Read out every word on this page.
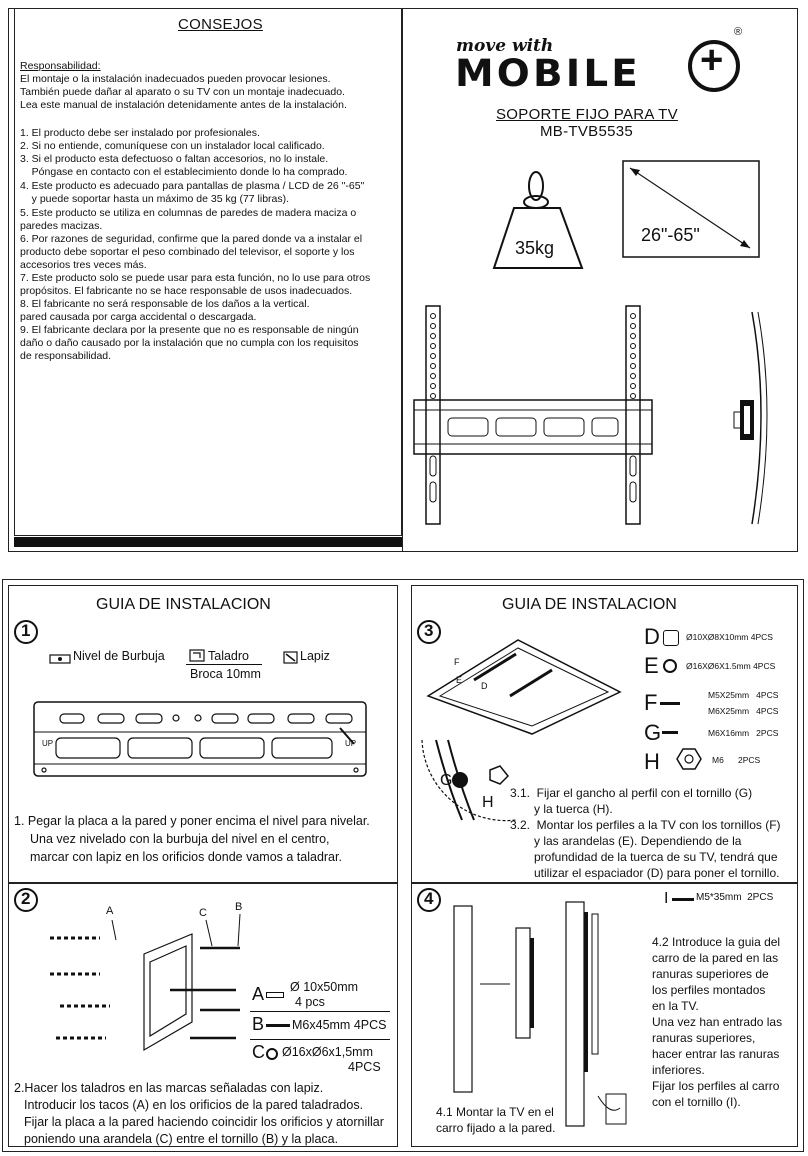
CONSEJOS
Responsabilidad:
El montaje o la instalación inadecuados pueden provocar lesiones.
También puede dañar al aparato o su TV con un montaje inadecuado.
Lea este manual de instalación detenidamente antes de la instalación.
1. El producto debe ser instalado por profesionales.
2. Si no entiende, comuníquese con un instalador local calificado.
3. Si el producto esta defectuoso o faltan accesorios, no lo instale.
Póngase en contacto con el establecimiento donde lo ha comprado.
4. Este producto es adecuado para pantallas de plasma / LCD de 26 "-65"
y puede soportar hasta un máximo de 35 kg (77 libras).
5. Este producto se utiliza en columnas de paredes de madera maciza o
paredes macizas.
6. Por razones de seguridad, confirme que la pared donde va a instalar el
producto debe soportar el peso combinado del televisor, el soporte y los
accesorios tres veces más.
7. Este producto solo se puede usar para esta función, no lo use para otros
propósitos. El fabricante no se hace responsable de usos inadecuados.
8. El fabricante no será responsable de los daños a la vertical.
pared causada por carga accidental o descargada.
9. El fabricante declara por la presente que no es responsable de ningún
daño o daño causado por la instalación que no cumpla con los requisitos
de responsabilidad.
move with
MOBILE +
®
SOPORTE FIJO PARA TV
MB-TVB5535
35kg
26"-65"
GUIA DE INSTALACION
1
Nivel de Burbuja	Taladro
Broca 10mm
Lapiz
UP	UP
1. Pegar la placa a la pared y poner encima el nivel para nivelar.
Una vez nivelado con la burbuja del nivel en el centro,
marcar con lapiz en los orificios donde vamos a taladrar.
2
A	C	B
A Ø 10x50mm
4 pcs
B M6x45mm 4PCS
C Ø16xØ6x1,5mm
4PCS
2.Hacer los taladros en las marcas señaladas con lapiz.
Introducir los tacos (A) en los orificios de la pared taladrados.
Fijar la placa a la pared haciendo coincidir los orificios y atornillar
poniendo una arandela (C) entre el tornillo (B) y la placa.
GUIA DE INSTALACION
3
F
E
D
G
H
D	Ø10XØ8X10mm 4PCS
E	Ø16XØ6X1.5mm 4PCS
F	M5X25mm   4PCS
M6X25mm   4PCS
G	M6X16mm   2PCS
H	M6      2PCS
3.1.  Fijar el gancho al perfil con el tornillo (G)
y la tuerca (H).
3.2.  Montar los perfiles a la TV con los tornillos (F)
y las arandelas (E). Dependiendo de la
profundidad de la tuerca de su TV, tendrá que
utilizar el espaciador (D) para poner el tornillo.
4	I	M5*35mm  2PCS
4.2 Introduce la guia del
carro de la pared en las
ranuras superiores de
los perfiles montados
en la TV.
Una vez han entrado las
ranuras superiores,
hacer entrar las ranuras
inferiores.
Fijar los perfiles al carro
con el tornillo (I).
4.1 Montar la TV en el
carro fijado a la pared.
